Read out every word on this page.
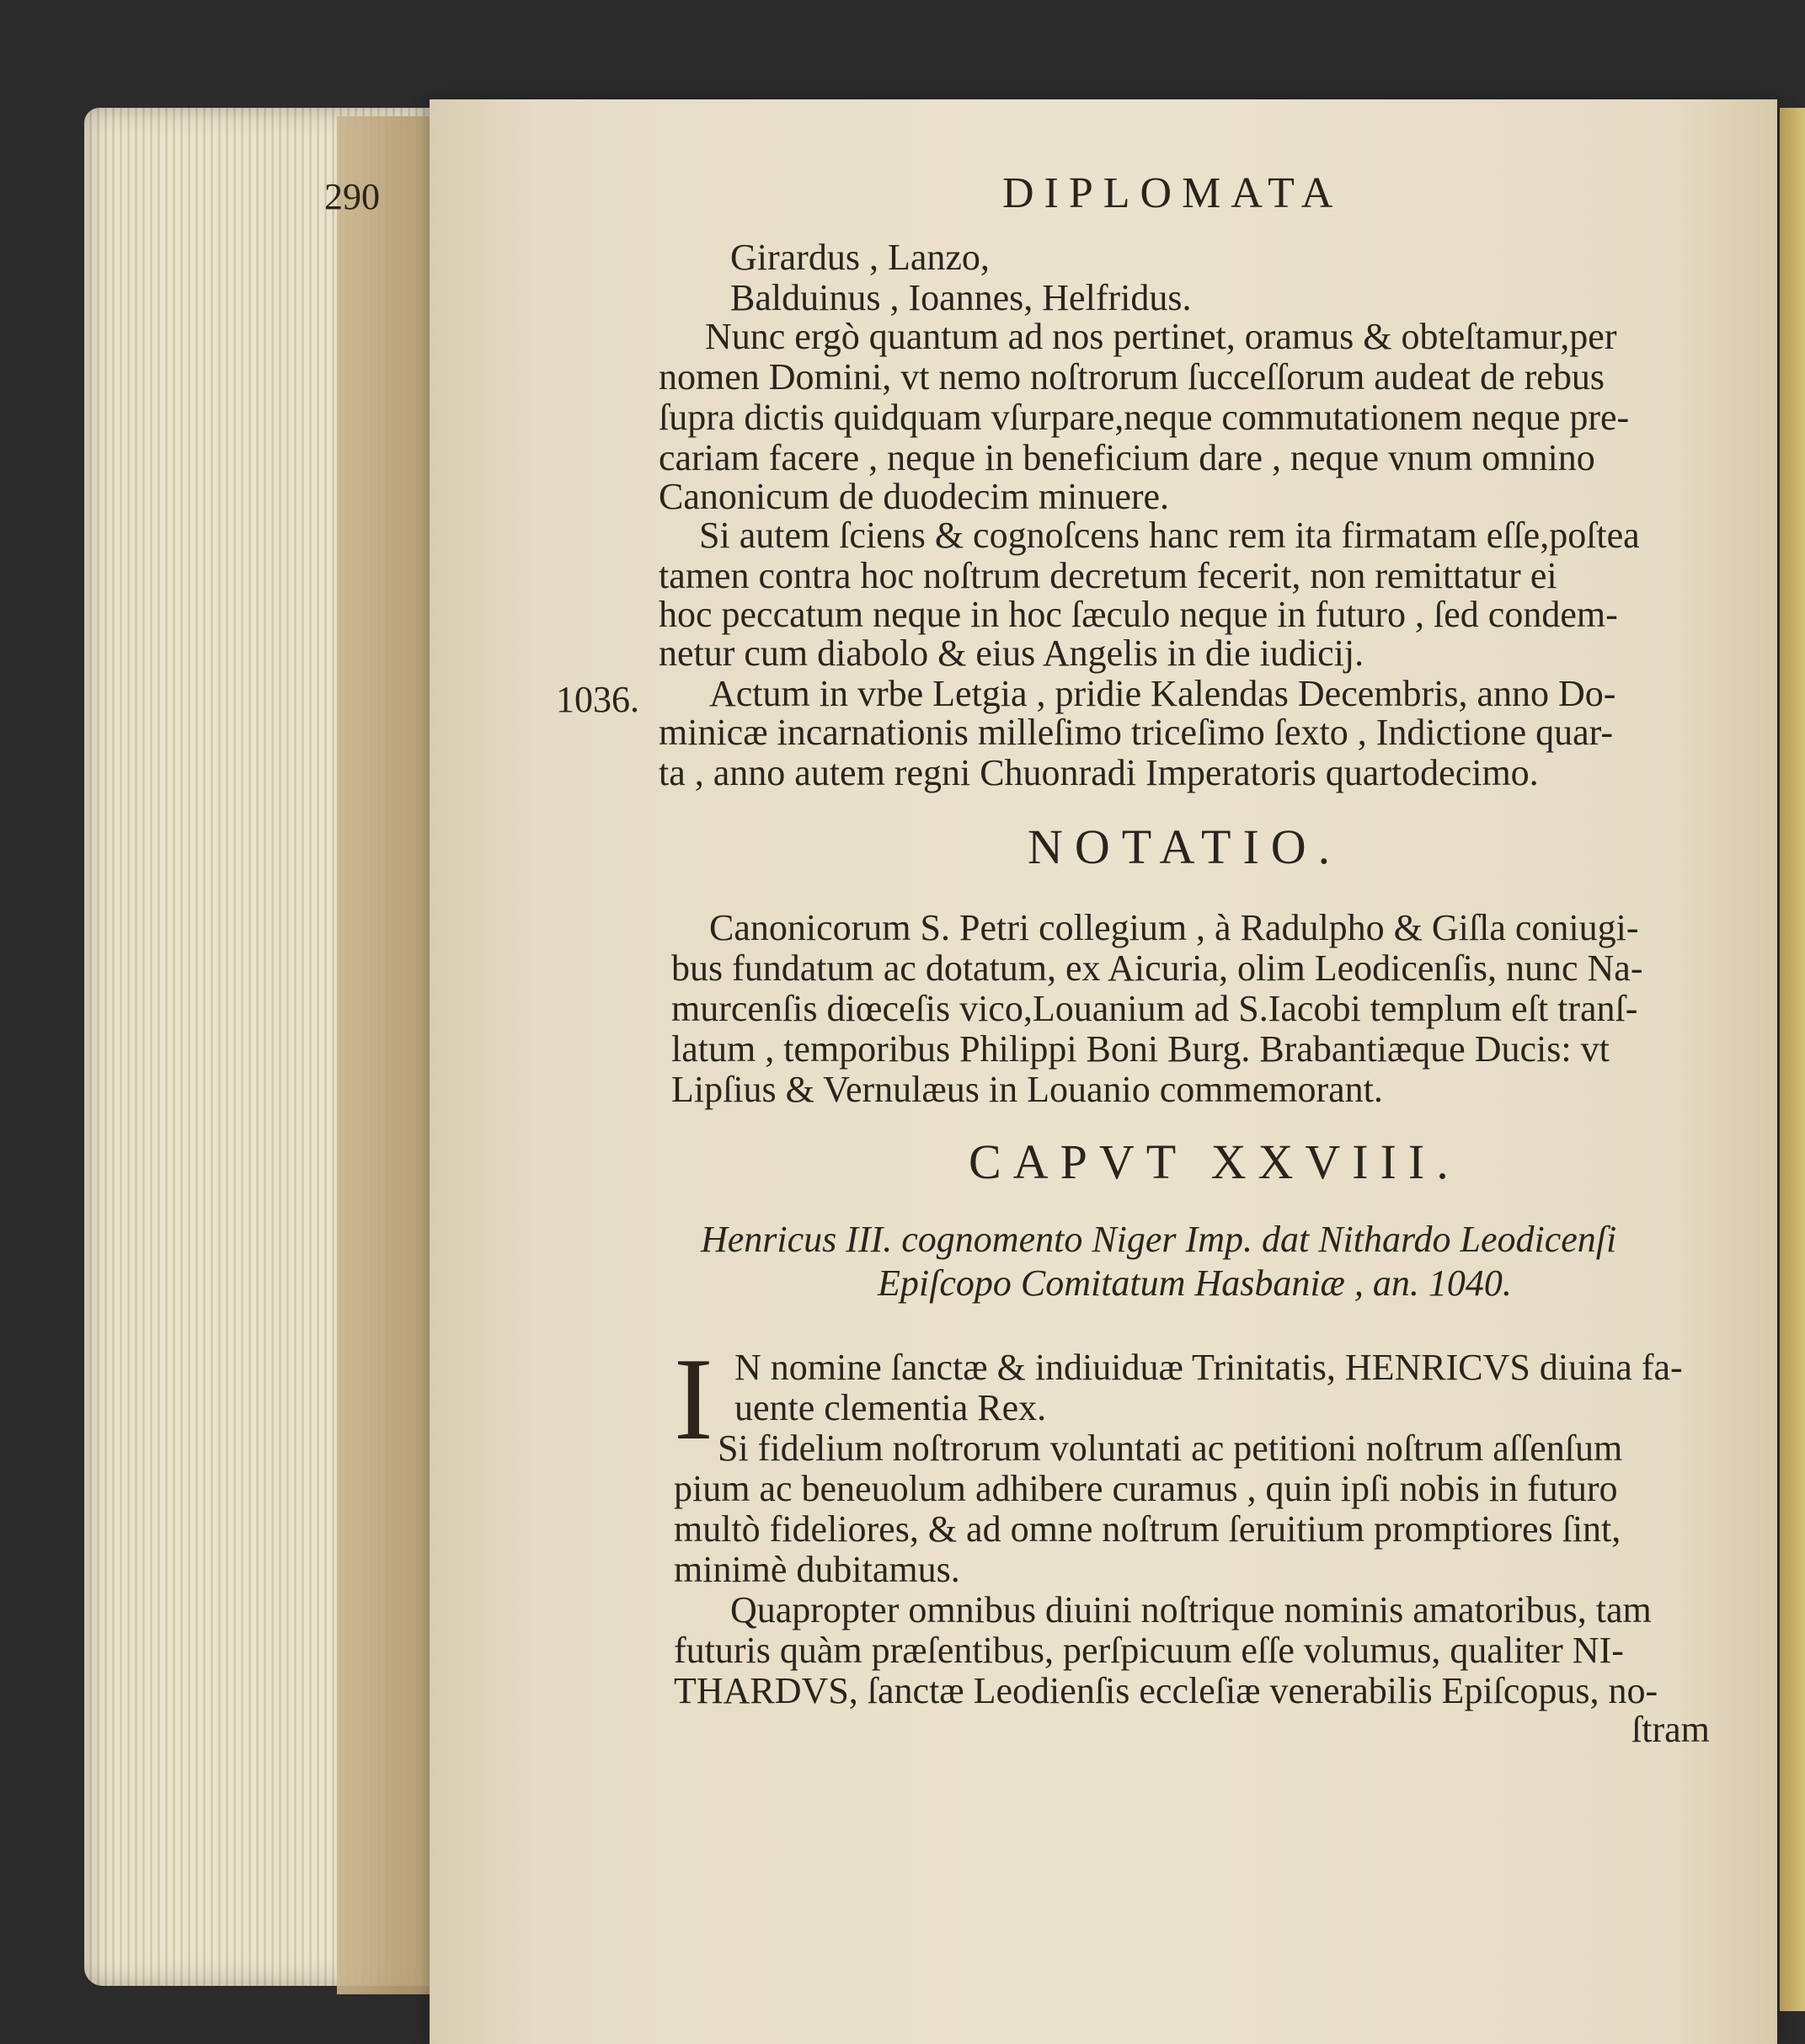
290	DIPLOMATA
Girardus , Lanzo,
Balduinus , Ioannes, Helfridus.
Nunc ergò quantum ad nos pertinet, oramus & obteſtamur,per
nomen Domini, vt nemo noſtrorum ſucceſſorum audeat de rebus
ſupra dictis quidquam vſurpare,neque commutationem neque pre-
cariam facere , neque in beneficium dare , neque vnum omnino
Canonicum de duodecim minuere.
Si autem ſciens & cognoſcens hanc rem ita firmatam eſſe,poſtea
tamen contra hoc noſtrum decretum fecerit, non remittatur ei
hoc peccatum neque in hoc ſæculo neque in futuro , ſed condem-
netur cum diabolo & eius Angelis in die iudicij.
Actum in vrbe Letgia , pridie Kalendas Decembris, anno Do-
minicæ incarnationis milleſimo triceſimo ſexto , Indictione quar-
ta , anno autem regni Chuonradi Imperatoris quartodecimo.
Canonicorum S. Petri collegium , à Radulpho & Giſla coniugi-
bus fundatum ac dotatum, ex Aicuria, olim Leodicenſis, nunc Na-
murcenſis diœceſis vico,Louanium ad S.Iacobi templum eſt tranſ-
latum , temporibus Philippi Boni Burg. Brabantiæque Ducis: vt
Lipſius & Vernulæus in Louanio commemorant.
Henricus III. cognomento Niger Imp. dat Nithardo Leodicenſi
Epiſcopo Comitatum Hasbaniæ , an. 1040.
N nomine ſanctæ & indiuiduæ Trinitatis, HENRICVS diuina fa-
uente clementia Rex.
Si fidelium noſtrorum voluntati ac petitioni noſtrum aſſenſum
pium ac beneuolum adhibere curamus , quin ipſi nobis in futuro
multò fideliores, & ad omne noſtrum ſeruitium promptiores ſint,
minimè dubitamus.
Quapropter omnibus diuini noſtrique nominis amatoribus, tam
futuris quàm præſentibus, perſpicuum eſſe volumus, qualiter NI-
THARDVS, ſanctæ Leodienſis eccleſiæ venerabilis Epiſcopus, no-
ſtram
1036.
NOTATIO.
CAPVT XXVIII.
I
